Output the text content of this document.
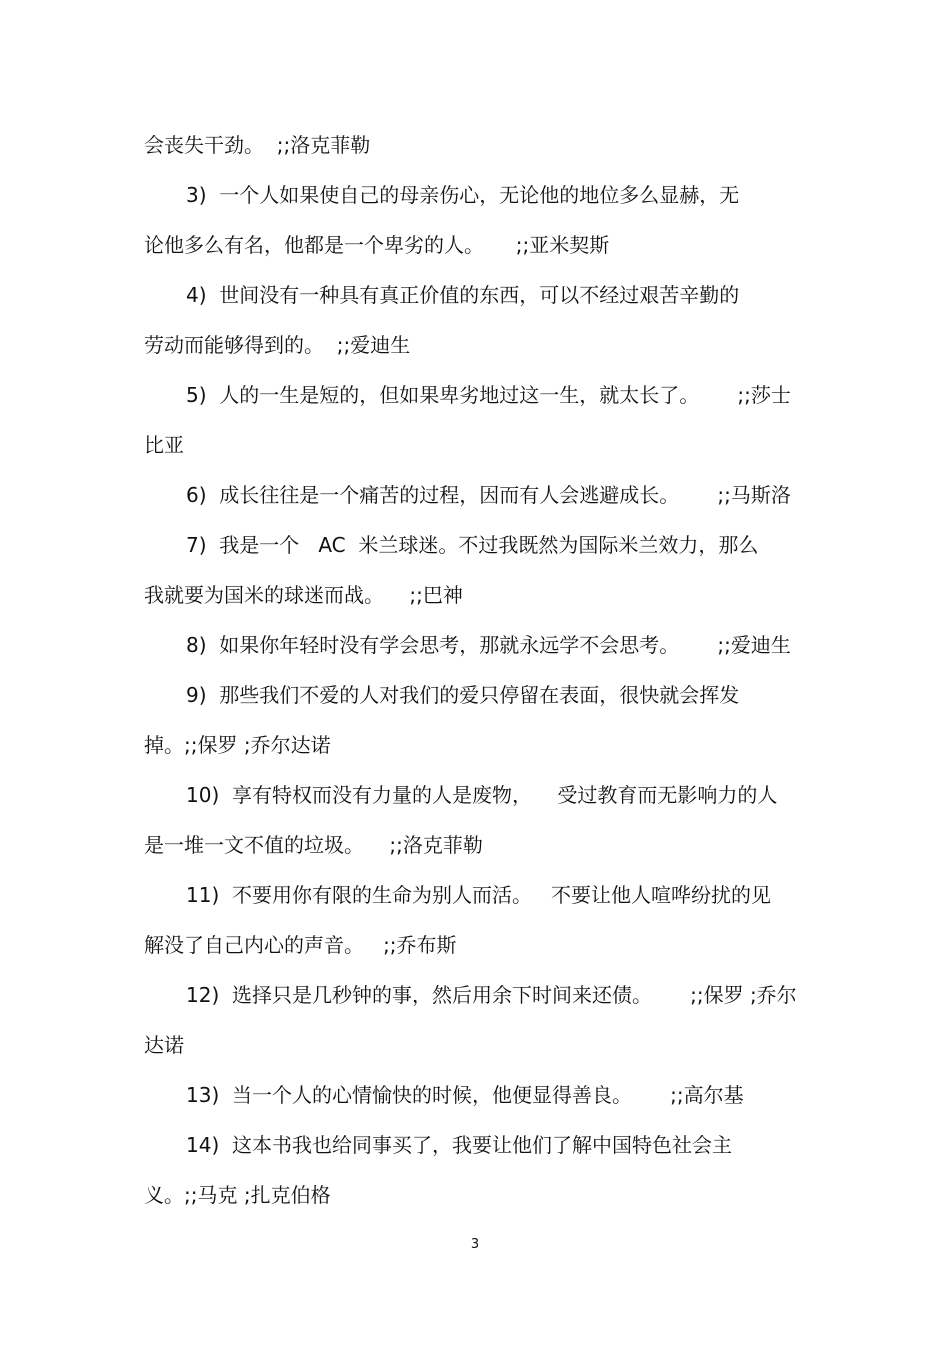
会丧失干劲。  ;;洛克菲勒

3)  一个人如果使自己的母亲伤心，无论他的地位多么显赫，无

论他多么有名，他都是一个卑劣的人。     ;;亚米契斯

4)  世间没有一种具有真正价值的东西，可以不经过艰苦辛勤的

劳动而能够得到的。  ;;爱迪生

5)  人的一生是短的，但如果卑劣地过这一生，就太长了。      ;;莎士

比亚

6)  成长往往是一个痛苦的过程，因而有人会逃避成长。      ;;马斯洛

7)  我是一个   AC  米兰球迷。不过我既然为国际米兰效力，那么

我就要为国米的球迷而战。    ;;巴神

8)  如果你年轻时没有学会思考，那就永远学不会思考。      ;;爱迪生

9)  那些我们不爱的人对我们的爱只停留在表面，很快就会挥发

掉。;;保罗 ;乔尔达诺

10)  享有特权而没有力量的人是废物，    受过教育而无影响力的人

是一堆一文不值的垃圾。    ;;洛克菲勒

11)  不要用你有限的生命为别人而活。   不要让他人喧哗纷扰的见

解没了自己内心的声音。   ;;乔布斯

12)  选择只是几秒钟的事，然后用余下时间来还债。      ;;保罗 ;乔尔

达诺

13)  当一个人的心情愉快的时候，他便显得善良。      ;;高尔基

14)  这本书我也给同事买了，我要让他们了解中国特色社会主

义。;;马克 ;扎克伯格

3
